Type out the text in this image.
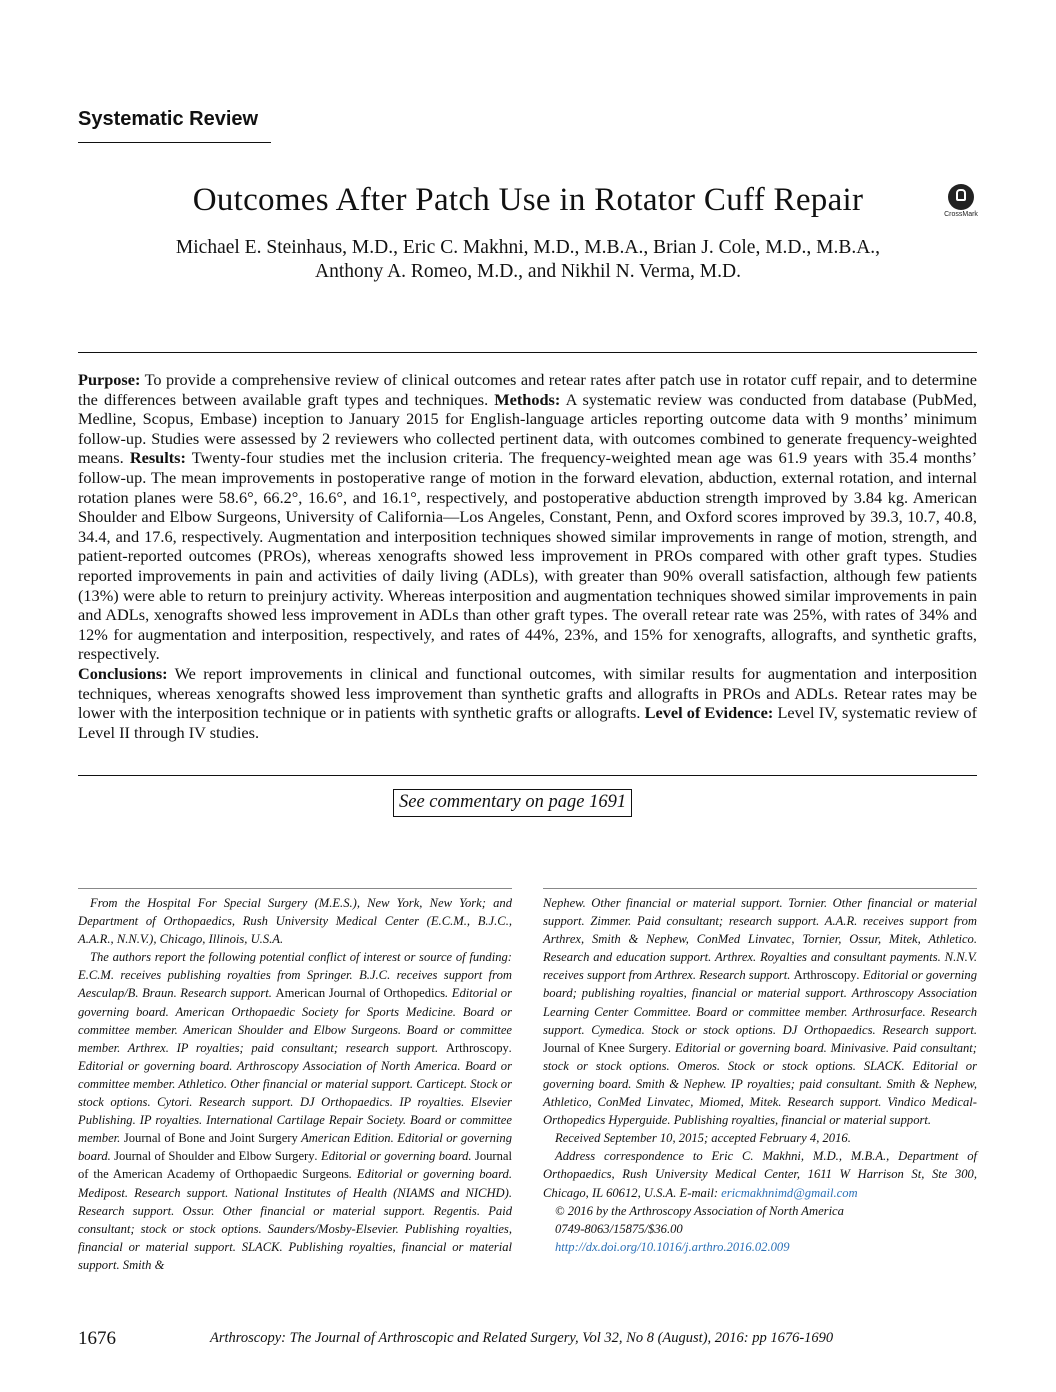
Systematic Review
Outcomes After Patch Use in Rotator Cuff Repair	CrossMark
Michael E. Steinhaus, M.D., Eric C. Makhni, M.D., M.B.A., Brian J. Cole, M.D., M.B.A.,
Anthony A. Romeo, M.D., and Nikhil N. Verma, M.D.
Purpose: To provide a comprehensive review of clinical outcomes and retear rates after patch use in rotator cuff repair, and to determine the differences between available graft types and techniques. Methods: A systematic review was conducted from database (PubMed, Medline, Scopus, Embase) inception to January 2015 for English-language articles reporting outcome data with 9 months’ minimum follow-up. Studies were assessed by 2 reviewers who collected pertinent data, with outcomes combined to generate frequency-weighted means. Results: Twenty-four studies met the inclusion criteria. The frequency-weighted mean age was 61.9 years with 35.4 months’ follow-up. The mean improvements in postoperative range of motion in the forward elevation, abduction, external rotation, and internal rotation planes were 58.6°, 66.2°, 16.6°, and 16.1°, respectively, and postoperative abduction strength improved by 3.84 kg. American Shoulder and Elbow Surgeons, University of California—Los Angeles, Constant, Penn, and Oxford scores improved by 39.3, 10.7, 40.8, 34.4, and 17.6, respectively. Augmentation and interposition techniques showed similar improvements in range of motion, strength, and patient-reported outcomes (PROs), whereas xenografts showed less improvement in PROs compared with other graft types. Studies reported improvements in pain and activities of daily living (ADLs), with greater than 90% overall satisfaction, although few patients (13%) were able to return to preinjury activity. Whereas interposition and augmentation techniques showed similar improvements in pain and ADLs, xenografts showed less improvement in ADLs than other graft types. The overall retear rate was 25%, with rates of 34% and 12% for augmentation and interposition, respectively, and rates of 44%, 23%, and 15% for xenografts, allografts, and synthetic grafts, respectively.
Conclusions: We report improvements in clinical and functional outcomes, with similar results for augmentation and interposition techniques, whereas xenografts showed less improvement than synthetic grafts and allografts in PROs and ADLs. Retear rates may be lower with the interposition technique or in patients with synthetic grafts or allografts. Level of Evidence: Level IV, systematic review of Level II through IV studies.
See commentary on page 1691

From the Hospital For Special Surgery (M.E.S.), New York, New York; and Department of Orthopaedics, Rush University Medical Center (E.C.M., B.J.C., A.A.R., N.N.V.), Chicago, Illinois, U.S.A.

The authors report the following potential conflict of interest or source of funding: E.C.M. receives publishing royalties from Springer. B.J.C. receives support from Aesculap/B. Braun. Research support. American Journal of Orthopedics. Editorial or governing board. American Orthopaedic Society for Sports Medicine. Board or committee member. American Shoulder and Elbow Surgeons. Board or committee member. Arthrex. IP royalties; paid consultant; research support. Arthroscopy. Editorial or governing board. Arthroscopy Association of North America. Board or committee member. Athletico. Other financial or material support. Carticept. Stock or stock options. Cytori. Research support. DJ Orthopaedics. IP royalties. Elsevier Publishing. IP royalties. International Cartilage Repair Society. Board or committee member. Journal of Bone and Joint Surgery American Edition. Editorial or governing board. Journal of Shoulder and Elbow Surgery. Editorial or governing board. Journal of the American Academy of Orthopaedic Surgeons. Editorial or governing board. Medipost. Research support. National Institutes of Health (NIAMS and NICHD). Research support. Ossur. Other financial or material support. Regentis. Paid consultant; stock or stock options. Saunders/Mosby-Elsevier. Publishing royalties, financial or material support. SLACK. Publishing royalties, financial or material support. Smith &

Nephew. Other financial or material support. Tornier. Other financial or material support. Zimmer. Paid consultant; research support. A.A.R. receives support from Arthrex, Smith & Nephew, ConMed Linvatec, Tornier, Ossur, Mitek, Athletico. Research and education support. Arthrex. Royalties and consultant payments. N.N.V. receives support from Arthrex. Research support. Arthroscopy. Editorial or governing board; publishing royalties, financial or material support. Arthroscopy Association Learning Center Committee. Board or committee member. Arthrosurface. Research support. Cymedica. Stock or stock options. DJ Orthopaedics. Research support. Journal of Knee Surgery. Editorial or governing board. Minivasive. Paid consultant; stock or stock options. Omeros. Stock or stock options. SLACK. Editorial or governing board. Smith & Nephew. IP royalties; paid consultant. Smith & Nephew, Athletico, ConMed Linvatec, Miomed, Mitek. Research support. Vindico Medical-Orthopedics Hyperguide. Publishing royalties, financial or material support.

Received September 10, 2015; accepted February 4, 2016.

Address correspondence to Eric C. Makhni, M.D., M.B.A., Department of Orthopaedics, Rush University Medical Center, 1611 W Harrison St, Ste 300, Chicago, IL 60612, U.S.A. E-mail: ericmakhnimd@gmail.com

© 2016 by the Arthroscopy Association of North America

0749-8063/15875/$36.00

http://dx.doi.org/10.1016/j.arthro.2016.02.009

1676	Arthroscopy: The Journal of Arthroscopic and Related Surgery, Vol 32, No 8 (August), 2016: pp 1676-1690
